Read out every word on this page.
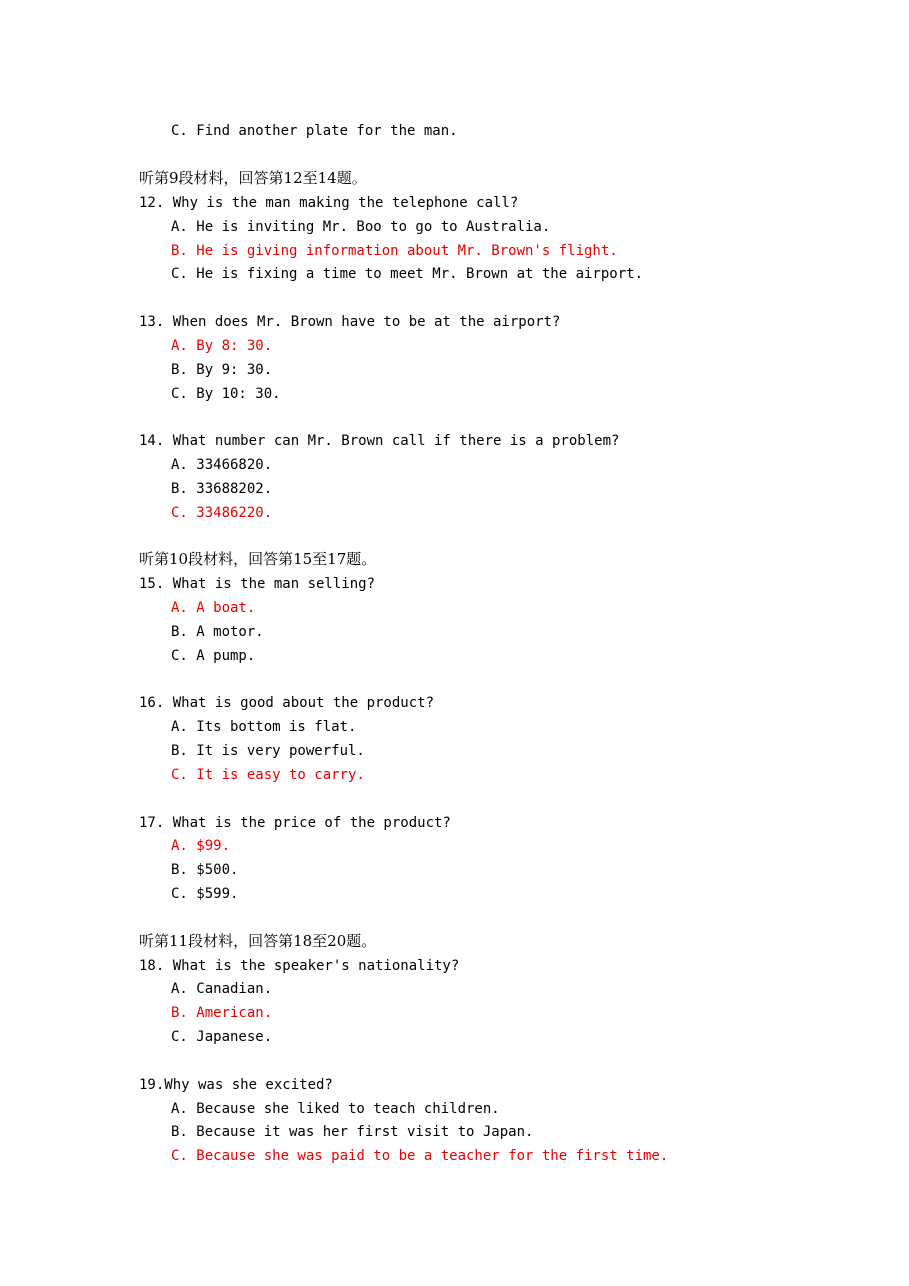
C. Find another plate for the man.
听第9段材料，回答第12至14题。
12. Why is the man making the telephone call?
A. He is inviting Mr. Boo to go to Australia.
B. He is giving information about Mr. Brown's flight.
C. He is fixing a time to meet Mr. Brown at the airport.
13. When does Mr. Brown have to be at the airport?
A. By 8: 30.
B. By 9: 30.
C. By 10: 30.
14. What number can Mr. Brown call if there is a problem?
A. 33466820.
B. 33688202.
C. 33486220.
听第10段材料，回答第15至17题。
15. What is the man selling?
A. A boat.
B. A motor.
C. A pump.
16. What is good about the product?
A. Its bottom is flat.
B. It is very powerful.
C. It is easy to carry.
17. What is the price of the product?
A. $99.
B. $500.
C. $599.
听第11段材料，回答第18至20题。
18. What is the speaker's nationality?
A. Canadian.
B. American.
C. Japanese.
19.Why was she excited?
A. Because she liked to teach children.
B. Because it was her first visit to Japan.
C. Because she was paid to be a teacher for the first time.
